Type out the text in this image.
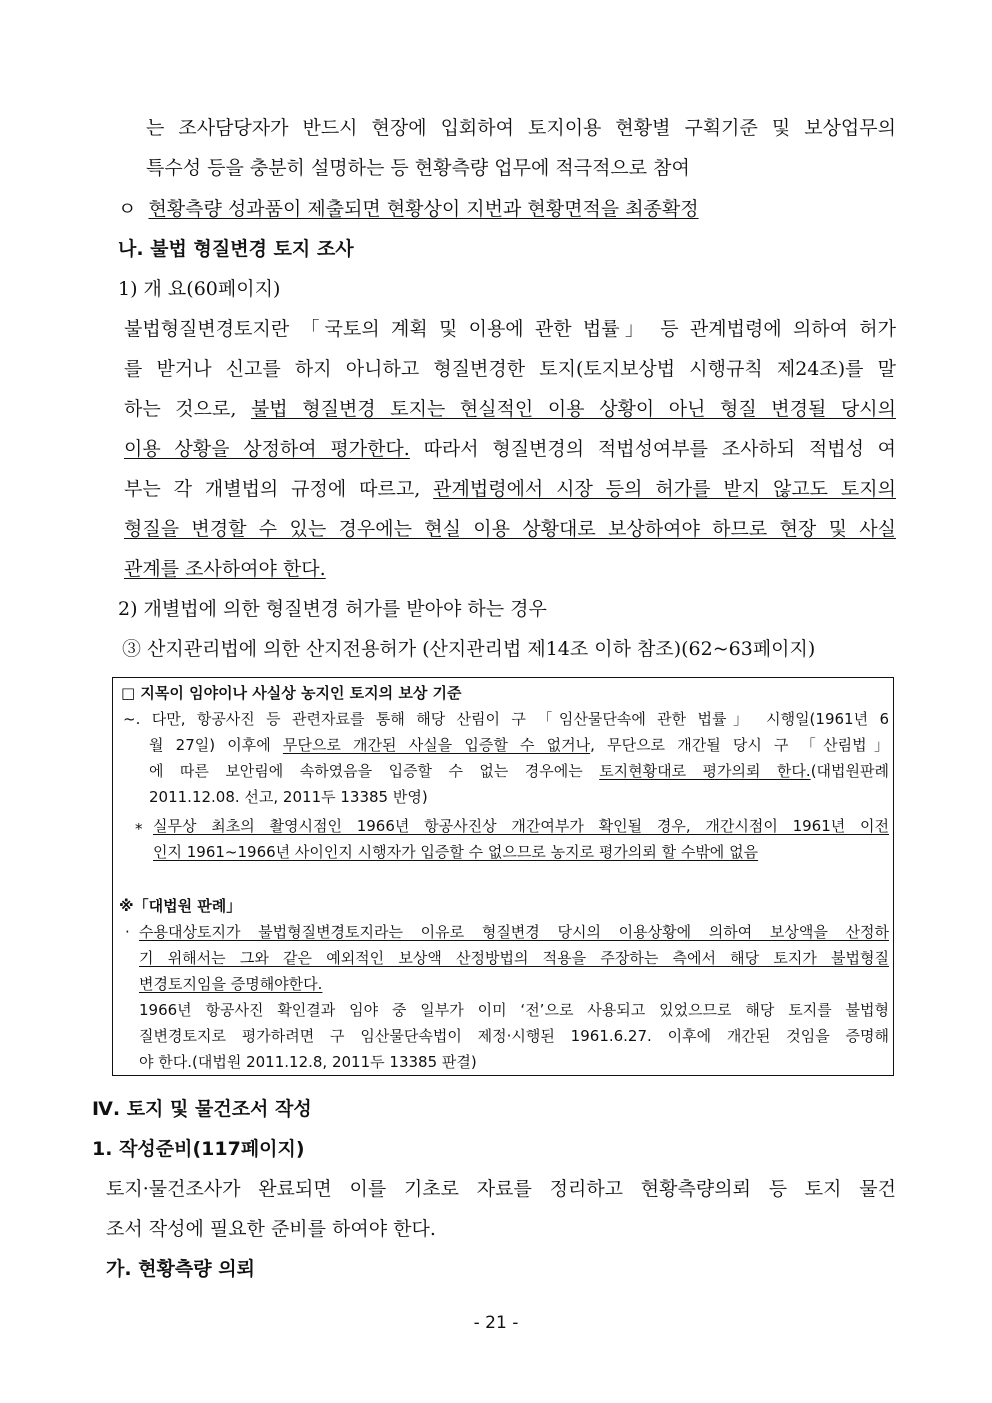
는 조사담당자가 반드시 현장에 입회하여 토지이용 현황별 구획기준 및 보상업무의
특수성 등을 충분히 설명하는 등 현황측량 업무에 적극적으로 참여
ㅇ 현황측량 성과품이 제출되면 현황상이 지번과 현황면적을 최종확정
나. 불법 형질변경 토지 조사
1) 개 요(60페이지)
불법형질변경토지란 「국토의 계획 및 이용에 관한 법률」 등 관계법령에 의하여 허가
를 받거나 신고를 하지 아니하고 형질변경한 토지(토지보상법 시행규칙 제24조)를 말
하는 것으로, 불법 형질변경 토지는 현실적인 이용 상황이 아닌 형질 변경될 당시의
이용 상황을 상정하여 평가한다. 따라서 형질변경의 적법성여부를 조사하되 적법성 여
부는 각 개별법의 규정에 따르고, 관계법령에서 시장 등의 허가를 받지 않고도 토지의
형질을 변경할 수 있는 경우에는 현실 이용 상황대로 보상하여야 하므로 현장 및 사실
관계를 조사하여야 한다.
2) 개별법에 의한 형질변경 허가를 받아야 하는 경우
③ 산지관리법에 의한 산지전용허가 (산지관리법 제14조 이하 참조)(62~63페이지)
□ 지목이 임야이나 사실상 농지인 토지의 보상 기준
~. 다만, 항공사진 등 관련자료를 통해 해당 산림이 구 「임산물단속에 관한 법률」 시행일(1961년 6
월 27일) 이후에 무단으로 개간된 사실을 입증할 수 없거나, 무단으로 개간될 당시 구 「산림법」
에 따른 보안림에 속하였음을 입증할 수 없는 경우에는 토지현황대로 평가의뢰 한다.(대법원판례
2011.12.08. 선고, 2011두 13385 반영)
* 실무상 최초의 촬영시점인 1966년 항공사진상 개간여부가 확인될 경우, 개간시점이 1961년 이전
인지 1961~1966년 사이인지 시행자가 입증할 수 없으므로 농지로 평가의뢰 할 수밖에 없음
※「대법원 판례」
· 수용대상토지가 불법형질변경토지라는 이유로 형질변경 당시의 이용상황에 의하여 보상액을 산정하
기 위해서는 그와 같은 예외적인 보상액 산정방법의 적용을 주장하는 측에서 해당 토지가 불법형질
변경토지임을 증명해야한다.
1966년 항공사진 확인결과 임야 중 일부가 이미 ‘전’으로 사용되고 있었으므로 해당 토지를 불법형
질변경토지로 평가하려면 구 임산물단속법이 제정·시행된 1961.6.27. 이후에 개간된 것임을 증명해
야 한다.(대법원 2011.12.8, 2011두 13385 판결)
Ⅳ. 토지 및 물건조서 작성
1. 작성준비(117페이지)
토지·물건조사가 완료되면 이를 기초로 자료를 정리하고 현황측량의뢰 등 토지 물건
조서 작성에 필요한 준비를 하여야 한다.
가. 현황측량 의뢰
- 21 -
